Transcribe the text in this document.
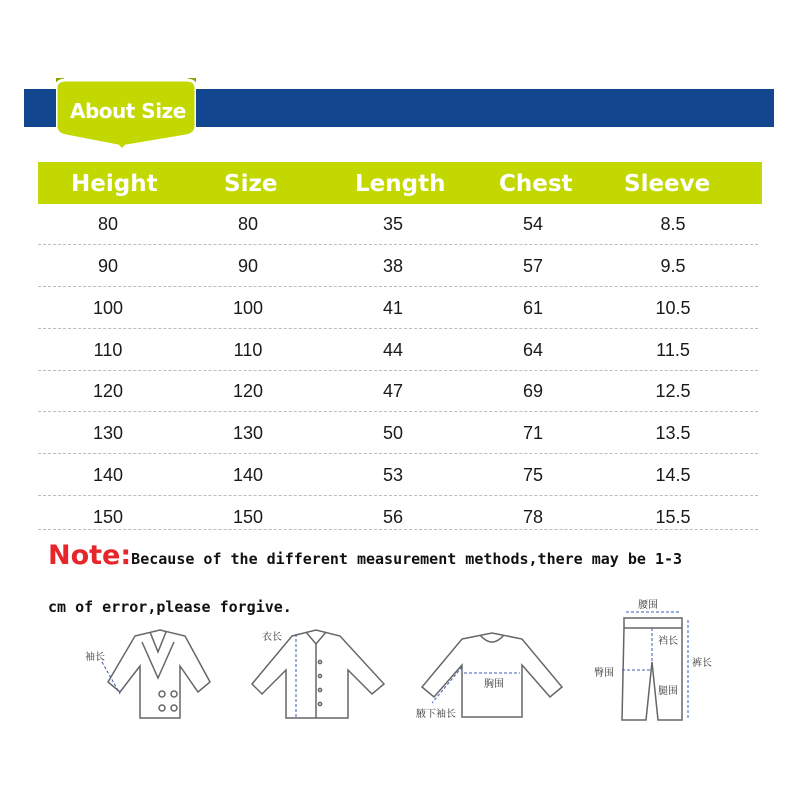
About Size
Height	Size	Length Chest Sleeve
80	80	35	54	8.5
90	90	38	57	9.5
100	100	41	61	10.5
110	110	44	64	11.5
120	120	47	69	12.5
130	130	50	71	13.5
140	140	53	75	14.5
150	150	56	78	15.5
Note:Because of the different measurement methods,there may be 1-3
cm of error,please forgive.
袖长
衣长
胸围
腋下袖长
腰围
裆长
臀围
裤长
腿围
